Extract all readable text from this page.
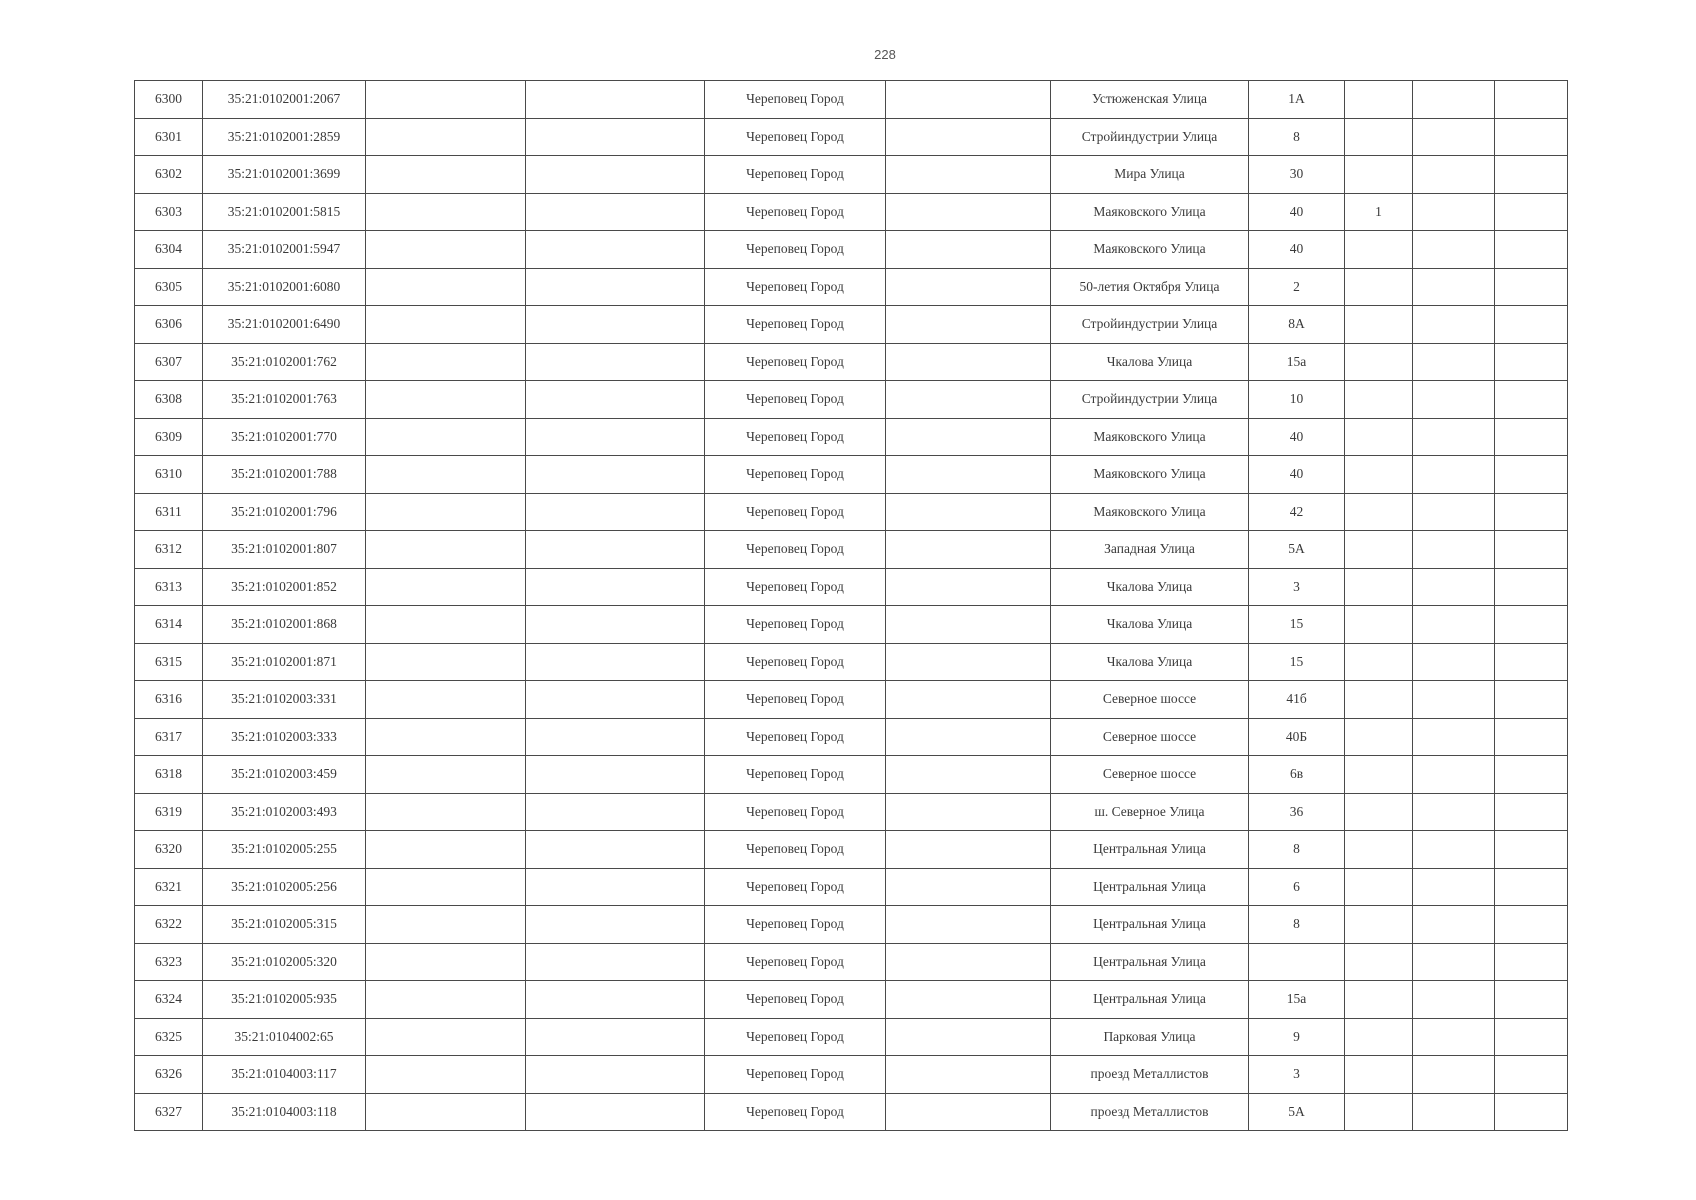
228
6300	35:21:0102001:2067			Череповец Город		Устюженская Улица	1А			
6301	35:21:0102001:2859			Череповец Город		Стройиндустрии Улица	8			
6302	35:21:0102001:3699			Череповец Город		Мира Улица	30			
6303	35:21:0102001:5815			Череповец Город		Маяковского Улица	40	1		
6304	35:21:0102001:5947			Череповец Город		Маяковского Улица	40			
6305	35:21:0102001:6080			Череповец Город		50-летия Октября Улица	2			
6306	35:21:0102001:6490			Череповец Город		Стройиндустрии Улица	8А			
6307	35:21:0102001:762			Череповец Город		Чкалова Улица	15а			
6308	35:21:0102001:763			Череповец Город		Стройиндустрии Улица	10			
6309	35:21:0102001:770			Череповец Город		Маяковского Улица	40			
6310	35:21:0102001:788			Череповец Город		Маяковского Улица	40			
6311	35:21:0102001:796			Череповец Город		Маяковского Улица	42			
6312	35:21:0102001:807			Череповец Город		Западная Улица	5А			
6313	35:21:0102001:852			Череповец Город		Чкалова Улица	3			
6314	35:21:0102001:868			Череповец Город		Чкалова Улица	15			
6315	35:21:0102001:871			Череповец Город		Чкалова Улица	15			
6316	35:21:0102003:331			Череповец Город		Северное шоссе	41б			
6317	35:21:0102003:333			Череповец Город		Северное шоссе	40Б			
6318	35:21:0102003:459			Череповец Город		Северное шоссе	6в			
6319	35:21:0102003:493			Череповец Город		ш. Северное Улица	36			
6320	35:21:0102005:255			Череповец Город		Центральная Улица	8			
6321	35:21:0102005:256			Череповец Город		Центральная Улица	6			
6322	35:21:0102005:315			Череповец Город		Центральная Улица	8			
6323	35:21:0102005:320			Череповец Город		Центральная Улица				
6324	35:21:0102005:935			Череповец Город		Центральная Улица	15а			
6325	35:21:0104002:65			Череповец Город		Парковая Улица	9			
6326	35:21:0104003:117			Череповец Город		проезд Металлистов	3			
6327	35:21:0104003:118			Череповец Город		проезд Металлистов	5А			
